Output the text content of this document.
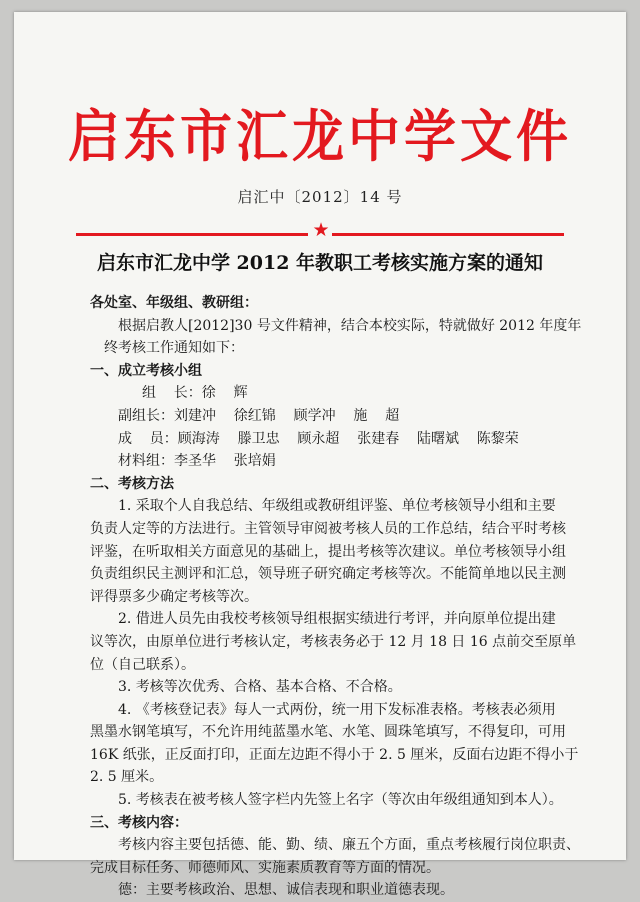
启东市汇龙中学文件
启汇中〔2012〕14 号
★
启东市汇龙中学 2012 年教职工考核实施方案的通知
各处室、年级组、教研组：
根据启教人[2012]30 号文件精神，结合本校实际，特就做好 2012 年度年
终考核工作通知如下：
一、成立考核小组
组    长：徐    辉
副组长：刘建冲    徐红锦    顾学冲    施    超
成    员：顾海涛    滕卫忠    顾永超    张建春    陆曙斌    陈黎荣
材料组：李圣华    张培娟
二、考核方法
1. 采取个人自我总结、年级组或教研组评鉴、单位考核领导小组和主要
负责人定等的方法进行。主管领导审阅被考核人员的工作总结，结合平时考核
评鉴，在听取相关方面意见的基础上，提出考核等次建议。单位考核领导小组
负责组织民主测评和汇总，领导班子研究确定考核等次。不能简单地以民主测
评得票多少确定考核等次。
2. 借进人员先由我校考核领导组根据实绩进行考评，并向原单位提出建
议等次，由原单位进行考核认定，考核表务必于 12 月 18 日 16 点前交至原单
位（自己联系）。
3. 考核等次优秀、合格、基本合格、不合格。
4. 《考核登记表》每人一式两份，统一用下发标准表格。考核表必须用
黑墨水钢笔填写，不允许用纯蓝墨水笔、水笔、圆珠笔填写，不得复印，可用
16K 纸张，正反面打印，正面左边距不得小于 2. 5 厘米，反面右边距不得小于
2. 5 厘米。
5. 考核表在被考核人签字栏内先签上名字（等次由年级组通知到本人）。
三、考核内容：
考核内容主要包括德、能、勤、绩、廉五个方面，重点考核履行岗位职责、
完成目标任务、师德师风、实施素质教育等方面的情况。
德：主要考核政治、思想、诚信表现和职业道德表现。
